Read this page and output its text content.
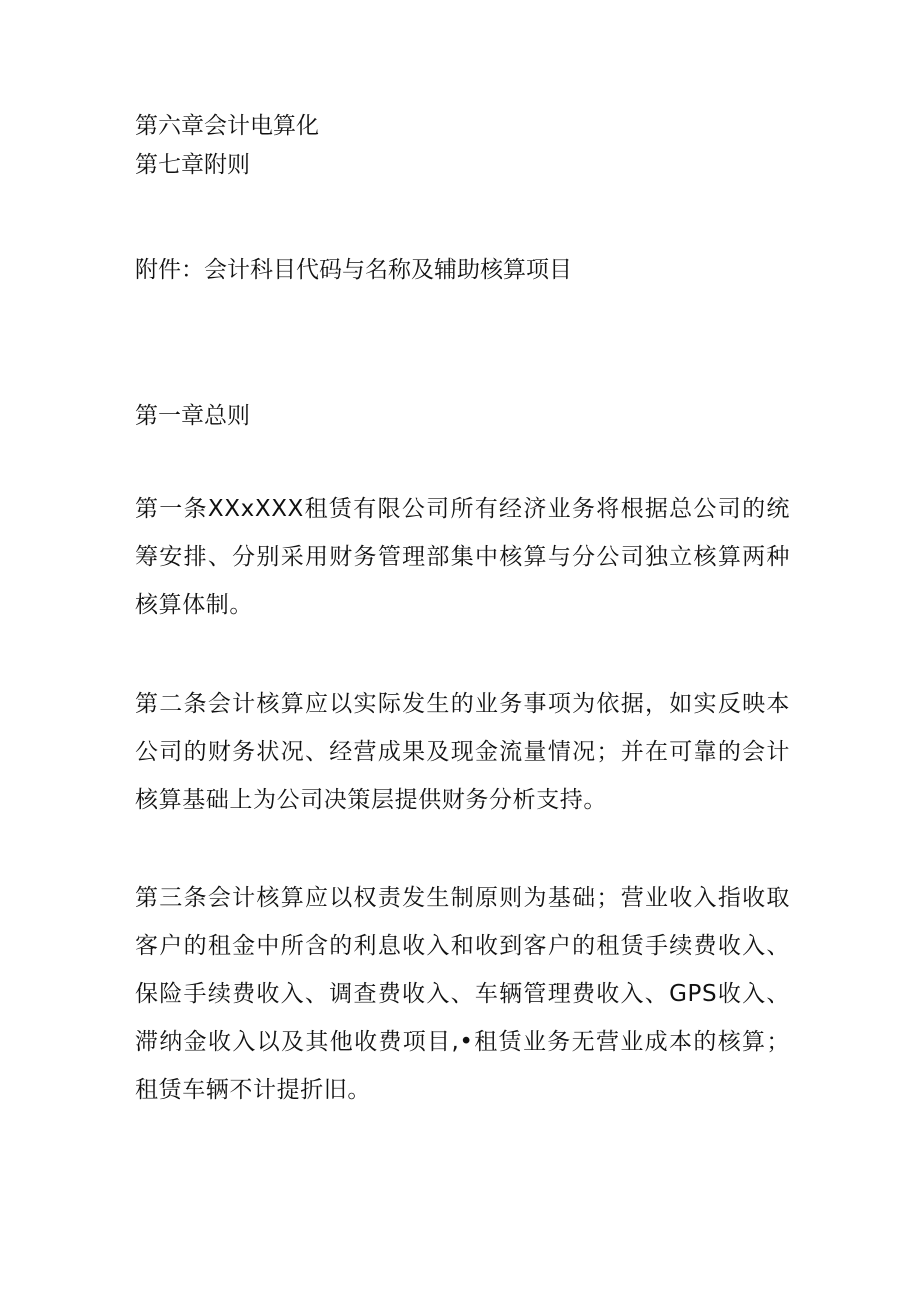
第六章会计电算化
第七章附则
附件：会计科目代码与名称及辅助核算项目
第一章总则
第一条XXxXXX租赁有限公司所有经济业务将根据总公司的统筹安排、分别采用财务管理部集中核算与分公司独立核算两种核算体制。
第二条会计核算应以实际发生的业务事项为依据，如实反映本公司的财务状况、经营成果及现金流量情况；并在可靠的会计核算基础上为公司决策层提供财务分析支持。
第三条会计核算应以权责发生制原则为基础；营业收入指收取客户的租金中所含的利息收入和收到客户的租赁手续费收入、保险手续费收入、调查费收入、车辆管理费收入、GPS收入、滞纳金收入以及其他收费项目,•租赁业务无营业成本的核算；租赁车辆不计提折旧。
